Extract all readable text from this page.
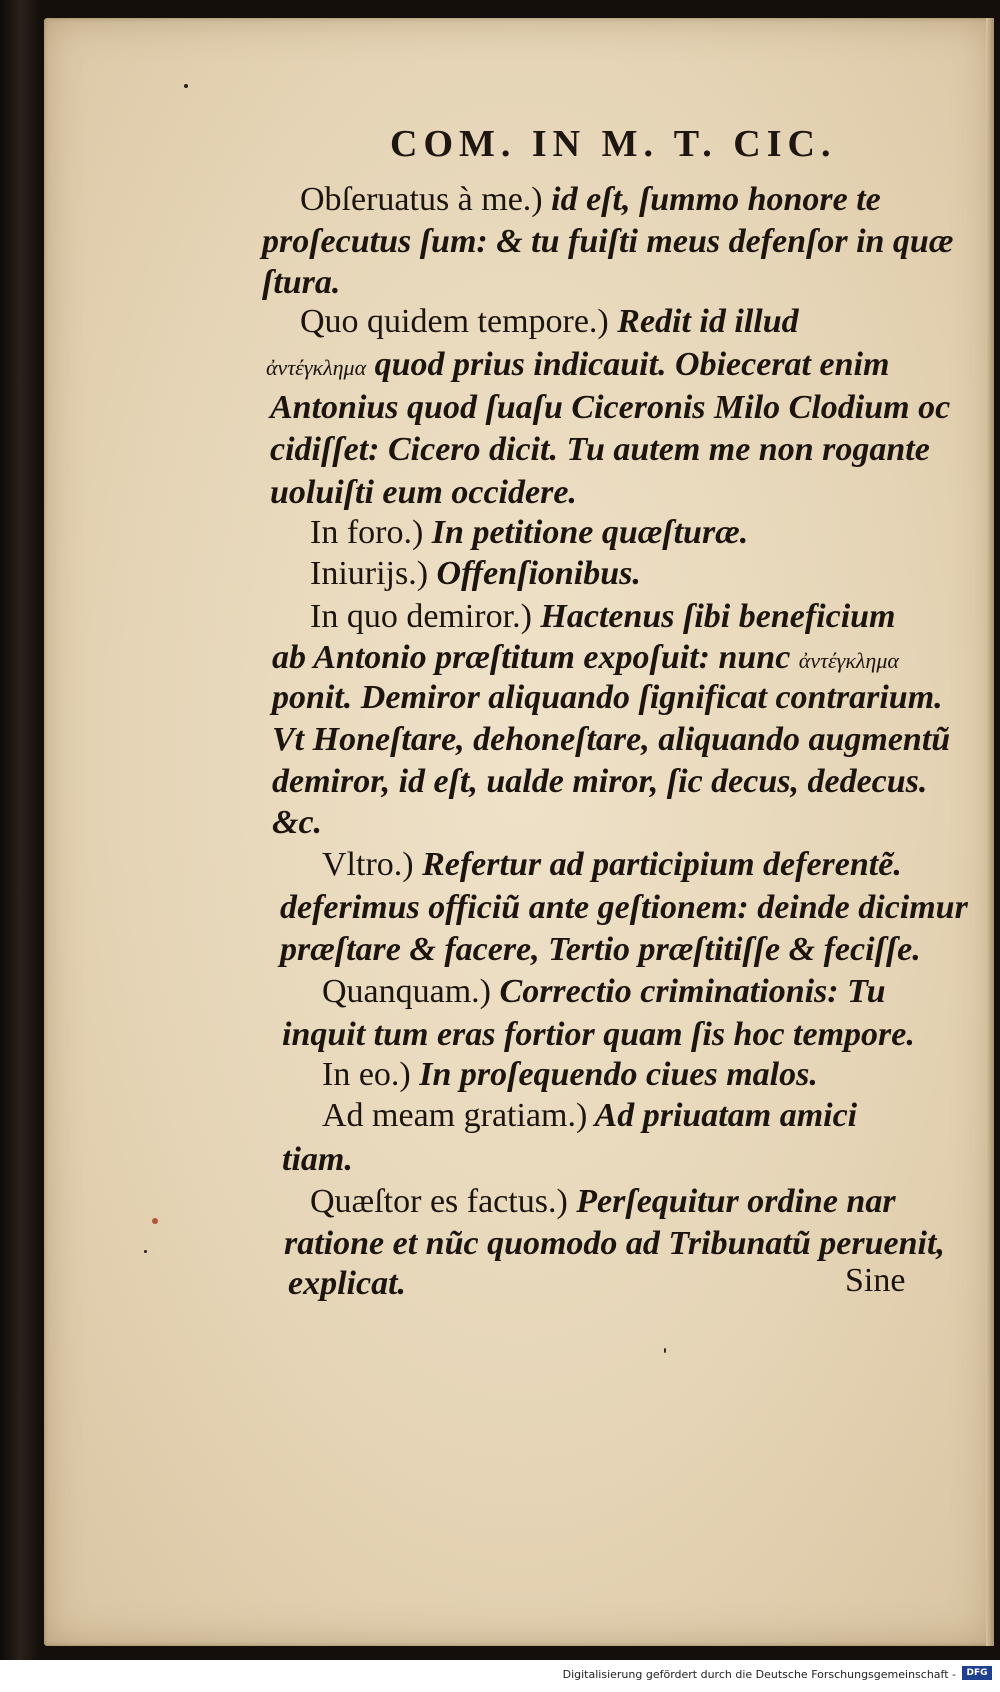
COM. IN M. T. CIC.
Obſeruatus à me.) id eſt, ſummo honore te
proſecutus ſum: & tu fuiſti meus defenſor in quæ
ſtura.
Quo quidem tempore.) Redit id illud
ἀντέγκλημα quod prius indicauit. Obiecerat enim
Antonius quod ſuaſu Ciceronis Milo Clodium oc
cidiſſet: Cicero dicit. Tu autem me non rogante
uoluiſti eum occidere.
In foro.) In petitione quæſturæ.
Iniurijs.) Offenſionibus.
In quo demiror.) Hactenus ſibi beneficium
ab Antonio præſtitum expoſuit: nunc ἀντέγκλημα
ponit. Demiror aliquando ſignificat contrarium.
Vt Honeſtare, dehoneſtare, aliquando augmentũ
demiror, id eſt, ualde miror, ſic decus, dedecus.
&c.
Vltro.) Refertur ad participium deferentẽ.
deferimus officiũ ante geſtionem: deinde dicimur
præſtare & facere, Tertio præſtitiſſe & feciſſe.
Quanquam.) Correctio criminationis: Tu
inquit tum eras fortior quam ſis hoc tempore.
In eo.) In proſequendo ciues malos.
Ad meam gratiam.) Ad priuatam amici
tiam.
Quæſtor es factus.) Perſequitur ordine nar
ratione et nũc quomodo ad Tribunatũ peruenit,
explicat.	Sine
Digitalisierung gefördert durch die Deutsche Forschungsgemeinschaft -	DFG
